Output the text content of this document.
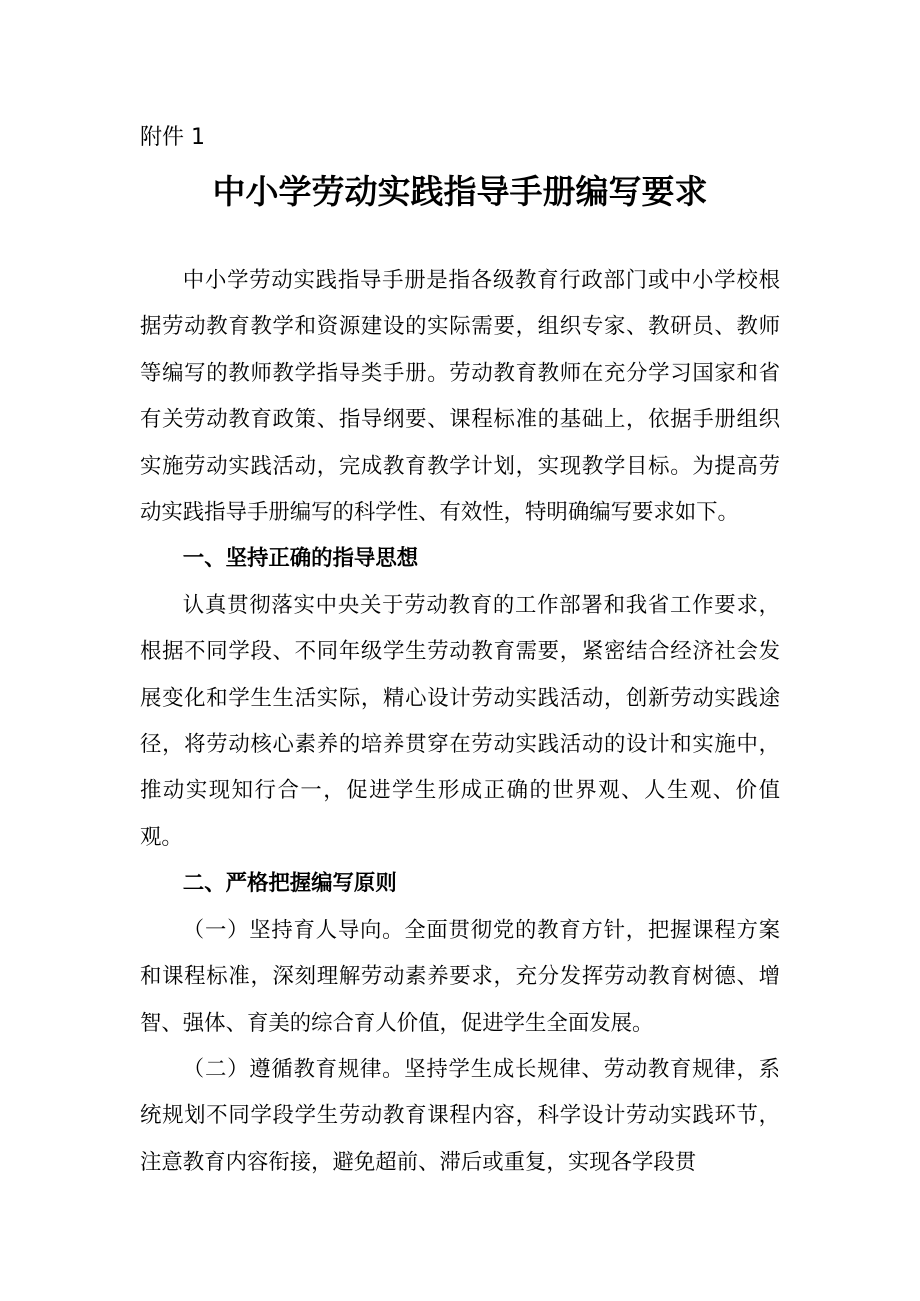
附件 1
中小学劳动实践指导手册编写要求

中小学劳动实践指导手册是指各级教育行政部门或中小学校根据劳动教育教学和资源建设的实际需要，组织专家、教研员、教师等编写的教师教学指导类手册。劳动教育教师在充分学习国家和省有关劳动教育政策、指导纲要、课程标准的基础上，依据手册组织实施劳动实践活动，完成教育教学计划，实现教学目标。为提高劳动实践指导手册编写的科学性、有效性，特明确编写要求如下。

一、坚持正确的指导思想

认真贯彻落实中央关于劳动教育的工作部署和我省工作要求，根据不同学段、不同年级学生劳动教育需要，紧密结合经济社会发展变化和学生生活实际，精心设计劳动实践活动，创新劳动实践途径，将劳动核心素养的培养贯穿在劳动实践活动的设计和实施中，推动实现知行合一，促进学生形成正确的世界观、人生观、价值观。

二、严格把握编写原则

（一）坚持育人导向。全面贯彻党的教育方针，把握课程方案和课程标准，深刻理解劳动素养要求，充分发挥劳动教育树德、增智、强体、育美的综合育人价值，促进学生全面发展。

（二）遵循教育规律。坚持学生成长规律、劳动教育规律，系统规划不同学段学生劳动教育课程内容，科学设计劳动实践环节，注意教育内容衔接，避免超前、滞后或重复，实现各学段贯
